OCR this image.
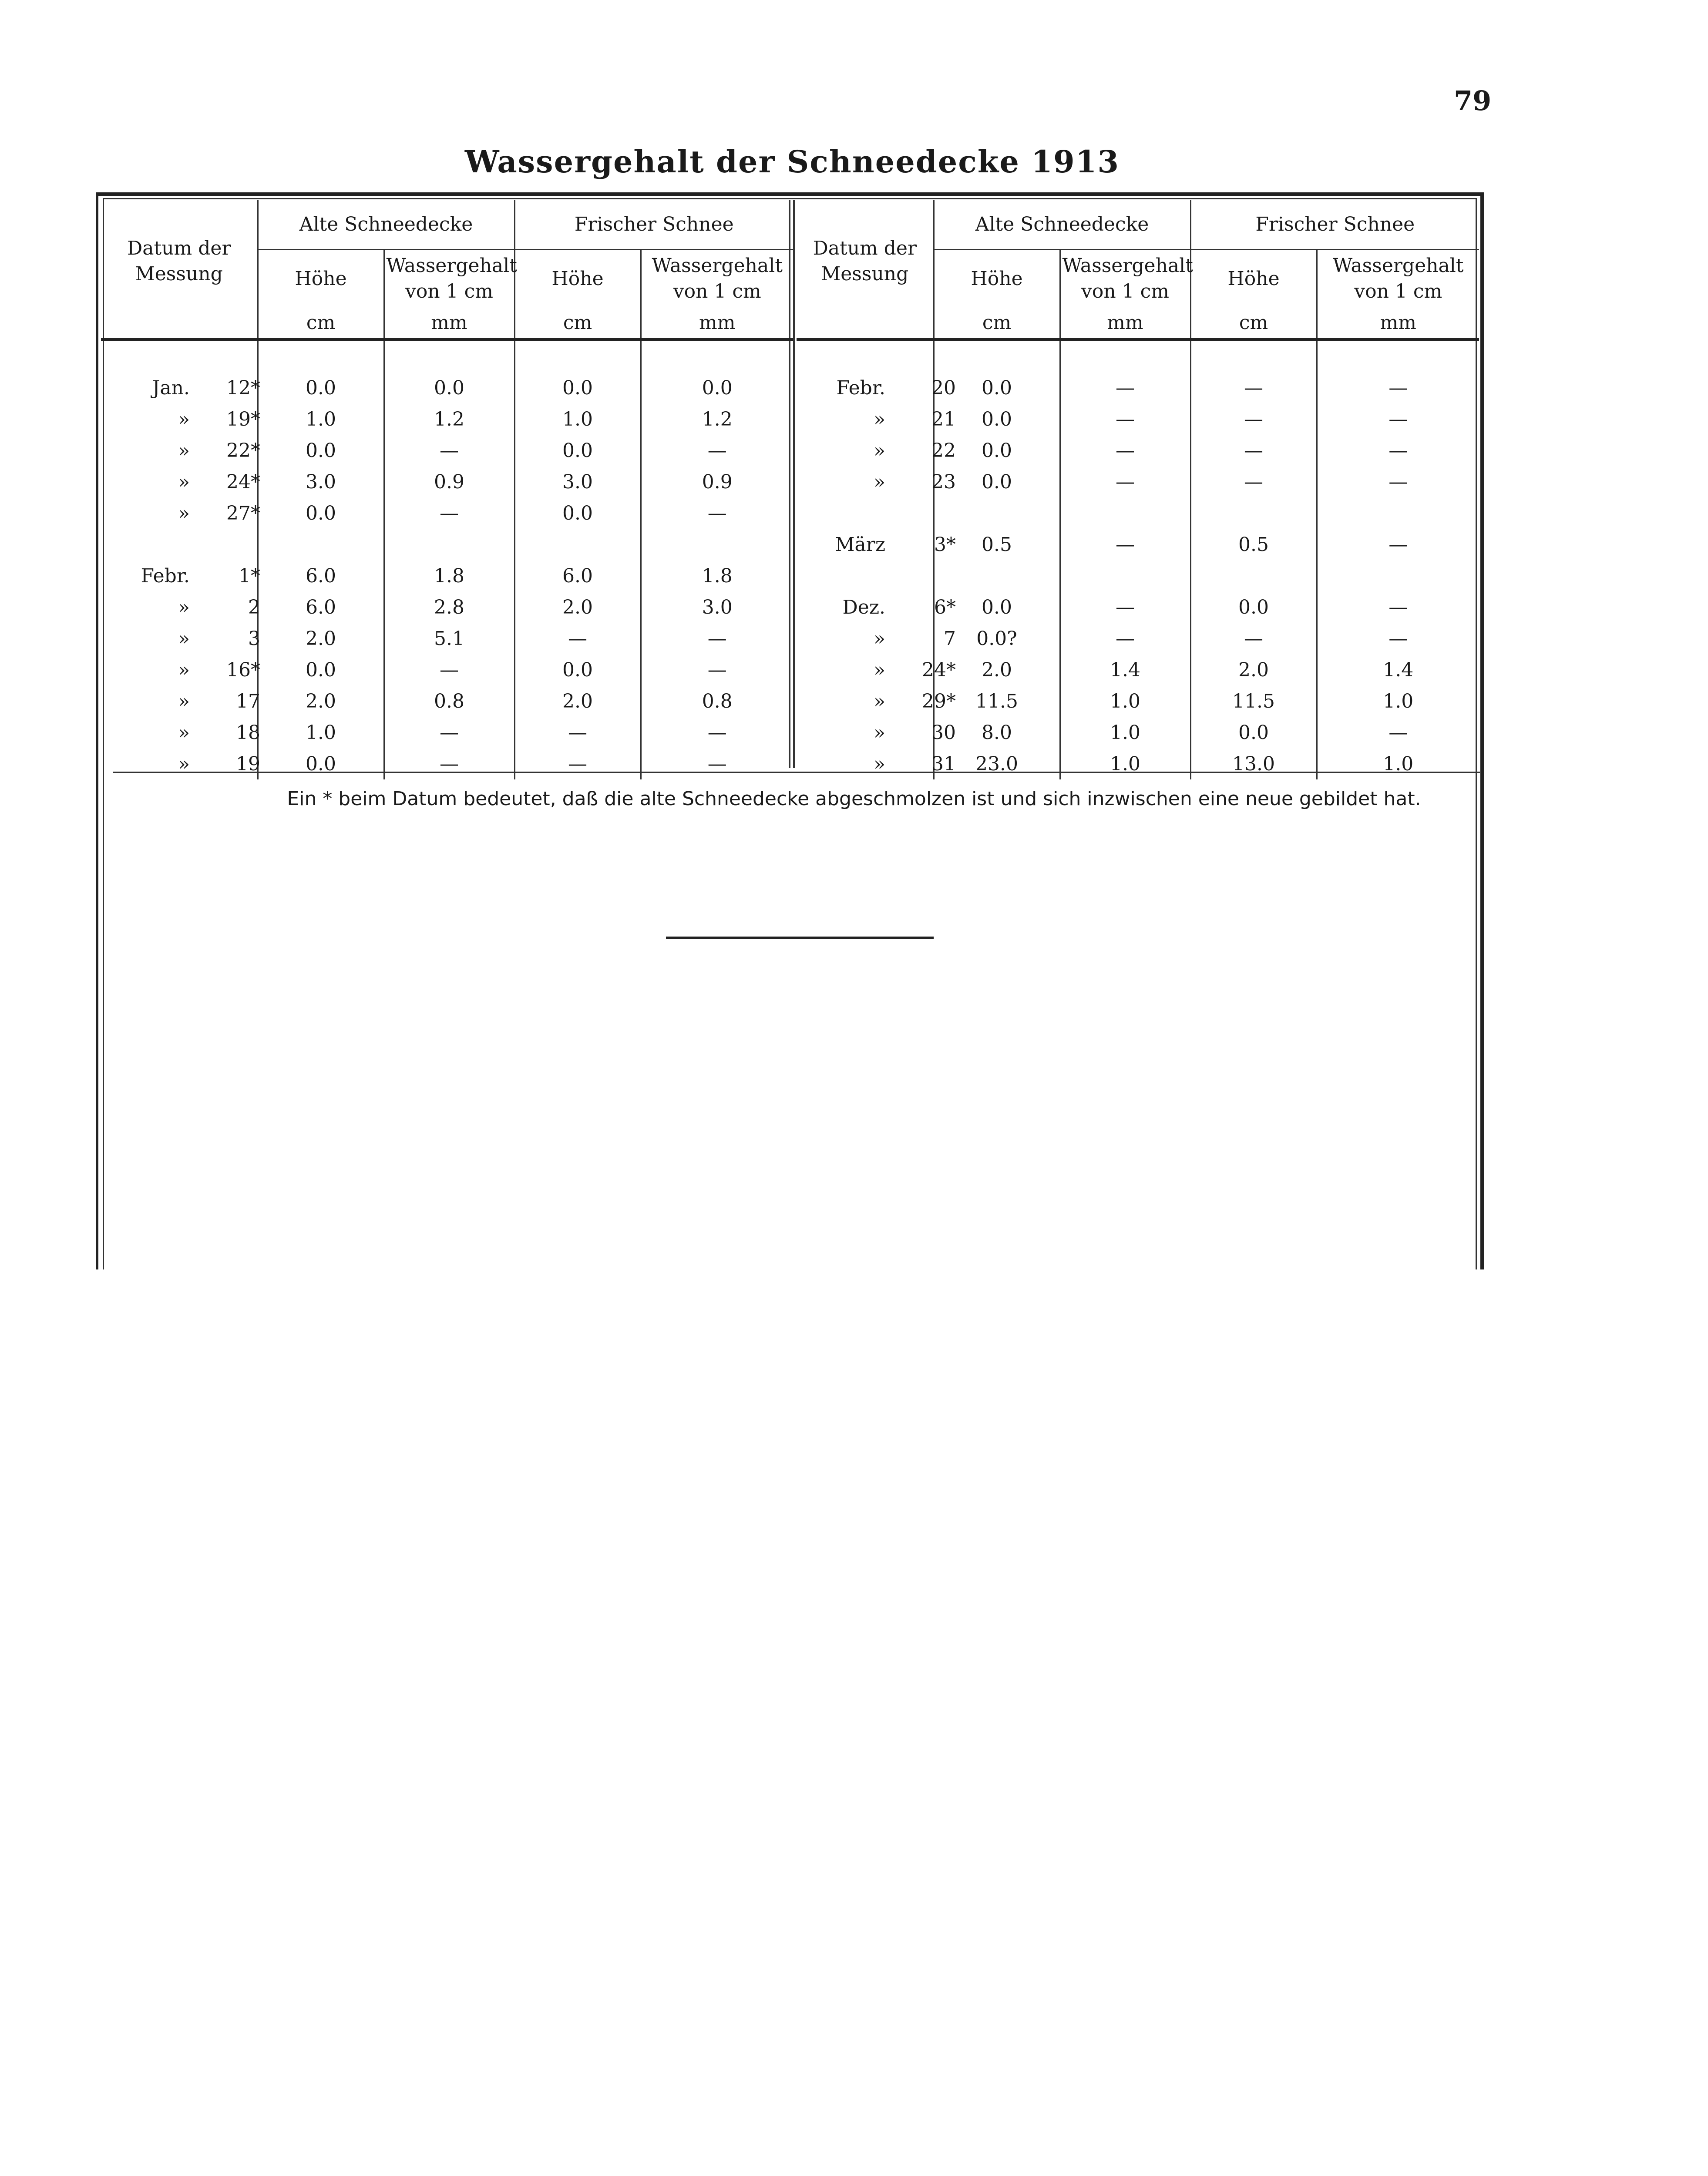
79
Wassergehalt der Schneedecke 1913
Datum der Messung	Alte Schneedecke		Frischer Schnee	
	Höhe	Wassergehalt von 1 cm	Höhe	Wassergehalt von 1 cm
	cm	mm	cm	mm

Jan. 12*	0.0	0.0	0.0	0.0
» 19*	1.0	1.2	1.0	1.2
» 22*	0.0	—	0.0	—
» 24*	3.0	0.9	3.0	0.9
» 27*	0.0	—	0.0	—

Febr. 1*	6.0	1.8	6.0	1.8
» 2	6.0	2.8	2.0	3.0
» 3	2.0	5.1	—	—
» 16*	0.0	—	0.0	—
» 17	2.0	0.8	2.0	0.8
» 18	1.0	—	—	—
» 19	0.0	—	—	—
Datum der Messung	Alte Schneedecke		Frischer Schnee	
	Höhe	Wassergehalt von 1 cm	Höhe	Wassergehalt von 1 cm
	cm	mm	cm	mm

Febr. 20	0.0	—	—	—
» 21	0.0	—	—	—
» 22	0.0	—	—	—
» 23	0.0	—	—	—

März 3*	0.5	—	0.5	—

Dez. 6*	0.0	—	0.0	—
» 7	0.0?	—	—	—
» 24*	2.0	1.4	2.0	1.4
» 29*	11.5	1.0	11.5	1.0
» 30	8.0	1.0	0.0	—
» 31	23.0	1.0	13.0	1.0
Ein * beim Datum bedeutet, daß die alte Schneedecke abgeschmolzen ist und sich inzwischen eine neue gebildet hat.
